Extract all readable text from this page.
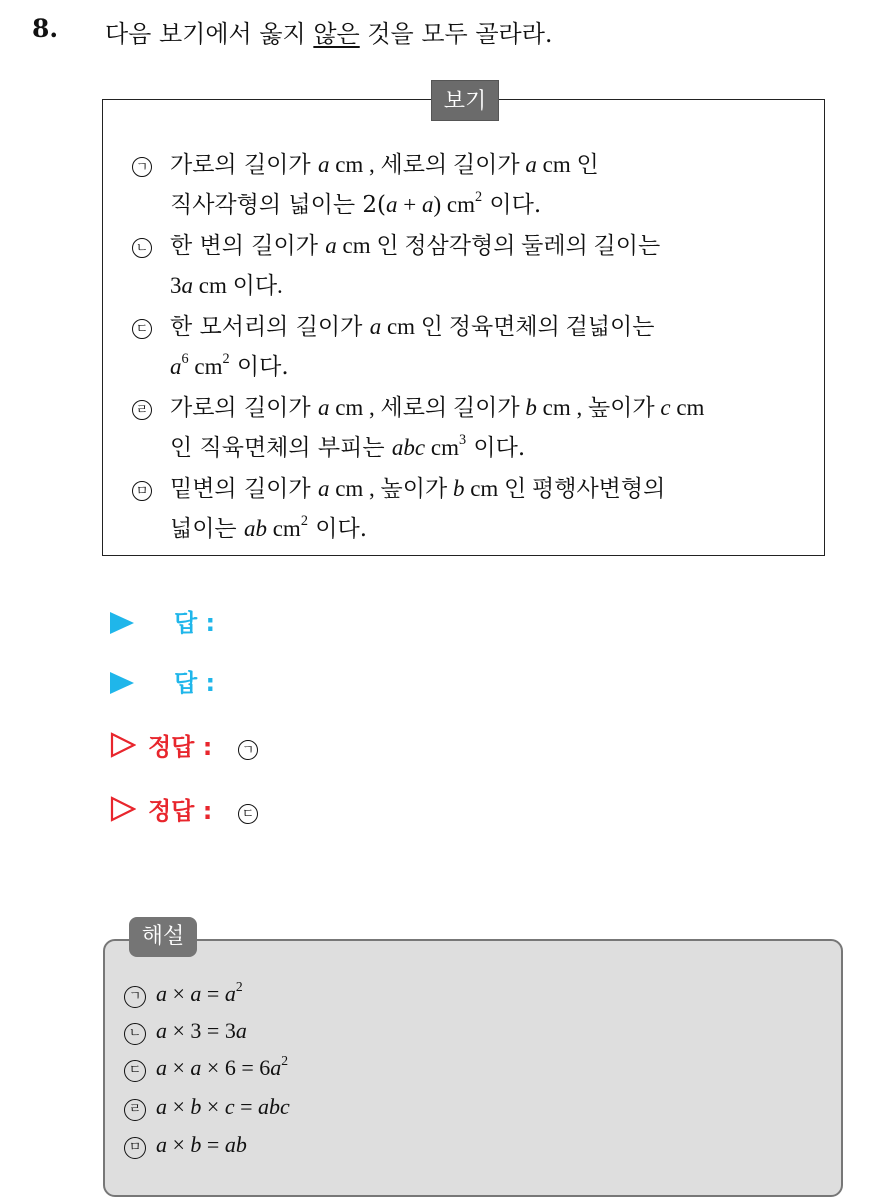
8. 다음 보기에서 옳지 않은 것을 모두 골라라.
보기
ㄱ 가로의 길이가 a cm , 세로의 길이가 a cm 인
직사각형의 넓이는 2(a + a) $cm^2$ 이다.
ㄴ 한 변의 길이가 a cm 인 정삼각형의 둘레의 길이는
3a cm 이다.
ㄷ 한 모서리의 길이가 a cm 인 정육면체의 겉넓이는
$a^6$ $cm^2$ 이다.
ㄹ 가로의 길이가 a cm , 세로의 길이가 b cm , 높이가 c cm
인 직육면체의 부피는 abc $cm^3$ 이다.
ㅁ 밑변의 길이가 a cm , 높이가 b cm 인 평행사변형의
넓이는 ab $cm^2$ 이다.
답 :
답 :
정답 : ㄱ
정답 : ㄷ
해설
ㄱ $a \times a = a^2$
ㄴ a × 3 = 3a
ㄷ $a \times a \times 6 = 6a^2$
ㄹ a × b × c = abc
ㅁ a × b = ab
